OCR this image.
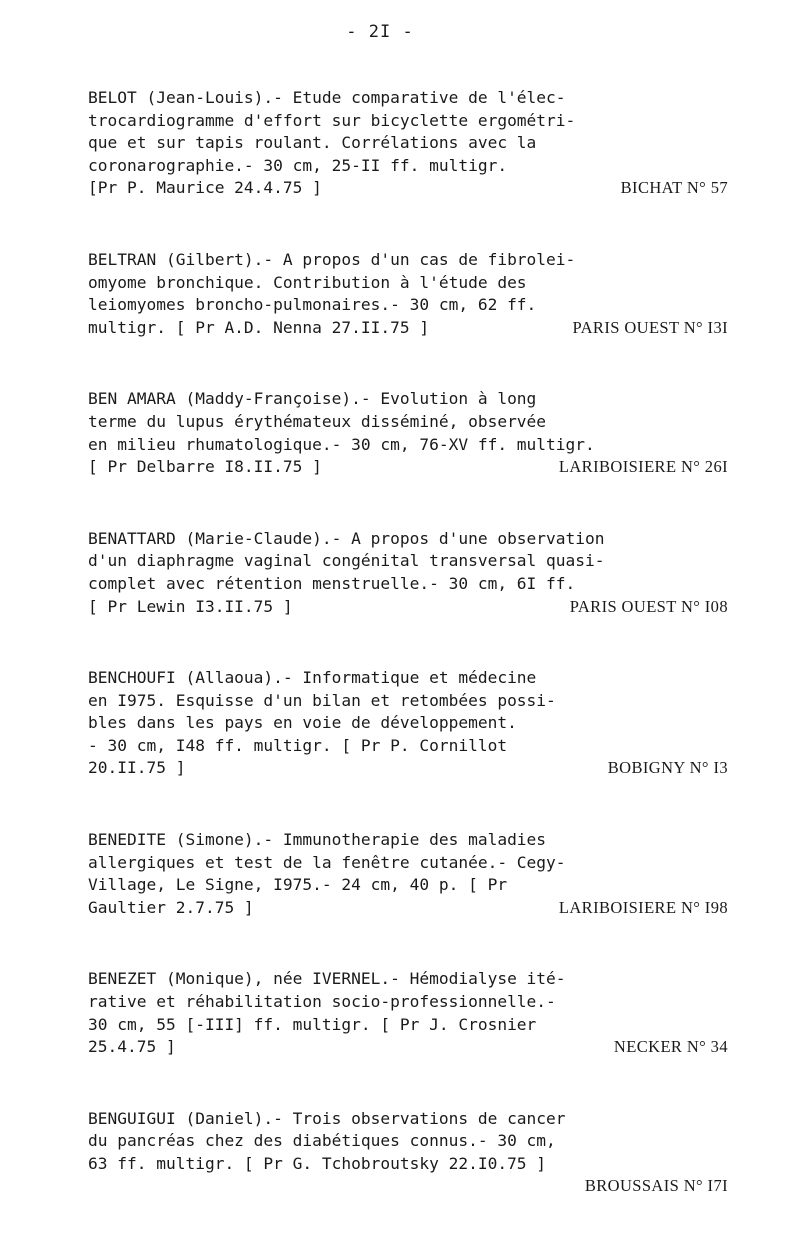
- 2I -
BELOT (Jean-Louis).- Etude comparative de l'élec-
trocardiogramme d'effort sur bicyclette ergométri-
que et sur tapis roulant. Corrélations avec la
coronarographie.- 30 cm, 25-II ff. multigr.
[Pr P. Maurice 24.4.75 ]	BICHAT N° 57
BELTRAN (Gilbert).- A propos d'un cas de fibrolei-
omyome bronchique. Contribution à l'étude des
leiomyomes broncho-pulmonaires.- 30 cm, 62 ff.
multigr. [ Pr A.D. Nenna 27.II.75 ]	PARIS OUEST N° I3I
BEN AMARA (Maddy-Françoise).- Evolution à long
terme du lupus érythémateux disséminé, observée
en milieu rhumatologique.- 30 cm, 76-XV ff. multigr.
[ Pr Delbarre I8.II.75 ]	LARIBOISIERE N° 26I
BENATTARD (Marie-Claude).- A propos d'une observation
d'un diaphragme vaginal congénital transversal quasi-
complet avec rétention menstruelle.- 30 cm, 6I ff.
[ Pr Lewin I3.II.75 ]	PARIS OUEST N° I08
BENCHOUFI (Allaoua).- Informatique et médecine
en I975. Esquisse d'un bilan et retombées possi-
bles dans les pays en voie de développement.
- 30 cm, I48 ff. multigr. [ Pr P. Cornillot
20.II.75 ]	BOBIGNY N° I3
BENEDITE (Simone).- Immunotherapie des maladies
allergiques et test de la fenêtre cutanée.- Cegy-
Village, Le Signe, I975.- 24 cm, 40 p. [ Pr
Gaultier 2.7.75 ]	LARIBOISIERE N° I98
BENEZET (Monique), née IVERNEL.- Hémodialyse ité-
rative et réhabilitation socio-professionnelle.-
30 cm, 55 [-III] ff. multigr. [ Pr J. Crosnier
25.4.75 ]	NECKER N° 34
BENGUIGUI (Daniel).- Trois observations de cancer
du pancréas chez des diabétiques connus.- 30 cm,
63 ff. multigr. [ Pr G. Tchobroutsky 22.I0.75 ]
BROUSSAIS N° I7I
